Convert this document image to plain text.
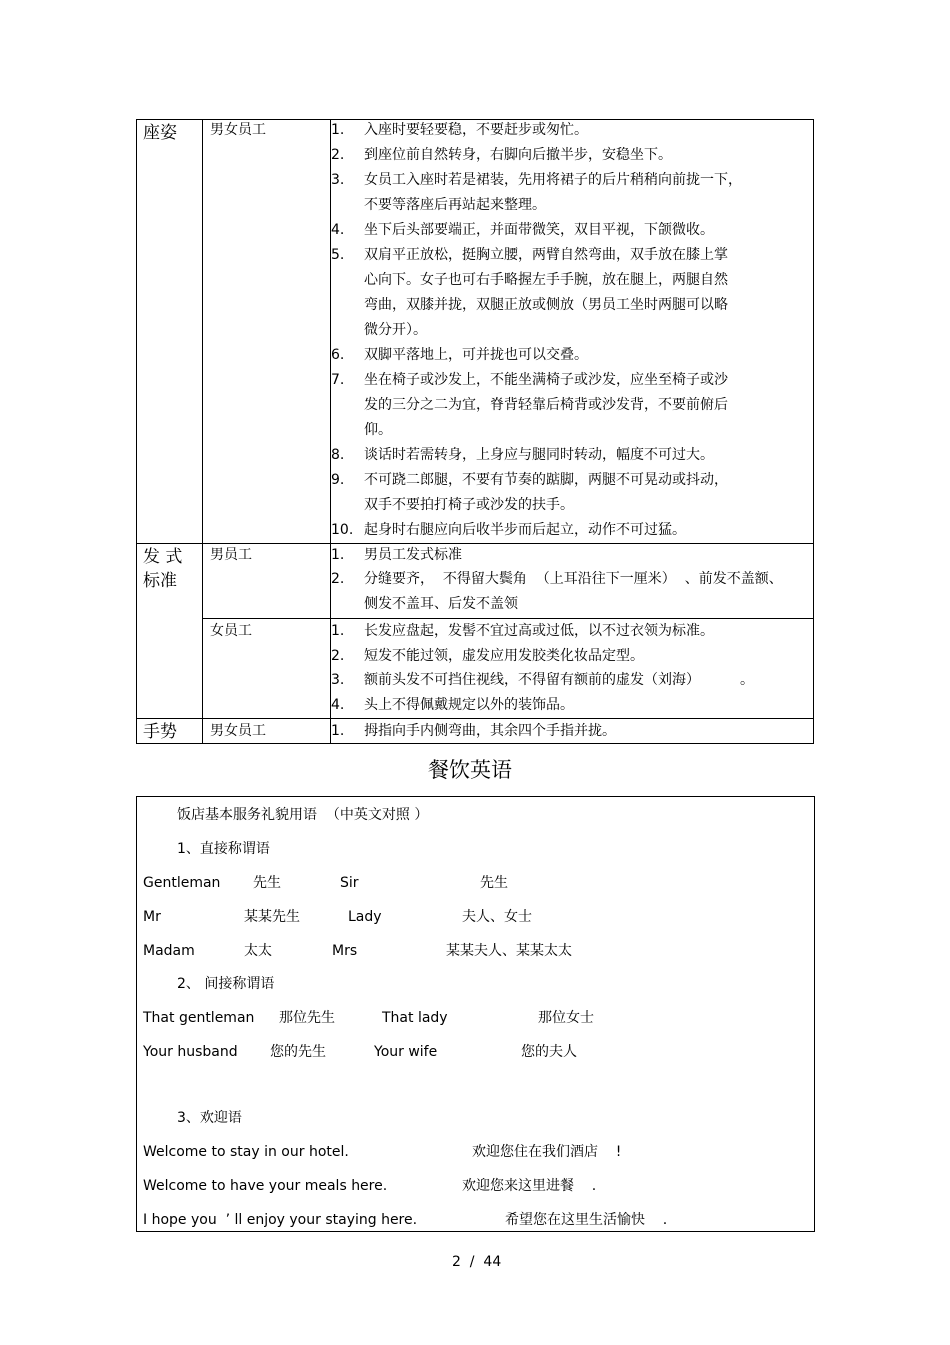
座姿 男女员工	1. 入座时要轻要稳，不要赶步或匆忙。
2. 到座位前自然转身，右脚向后撤半步，安稳坐下。
3. 女员工入座时若是裙装，先用将裙子的后片稍稍向前拢一下，
不要等落座后再站起来整理。
4. 坐下后头部要端正，并面带微笑，双目平视，下颌微收。
5. 双肩平正放松，挺胸立腰，两臂自然弯曲，双手放在膝上掌
心向下。女子也可右手略握左手手腕，放在腿上，两腿自然
弯曲，双膝并拢，双腿正放或侧放（男员工坐时两腿可以略
微分开）。
6. 双脚平落地上，可并拢也可以交叠。
7. 坐在椅子或沙发上，不能坐满椅子或沙发，应坐至椅子或沙
发的三分之二为宜，脊背轻靠后椅背或沙发背，不要前俯后
仰。
8. 谈话时若需转身，上身应与腿同时转动，幅度不可过大。
9. 不可跷二郎腿，不要有节奏的踮脚，两腿不可晃动或抖动，
双手不要拍打椅子或沙发的扶手。
10. 起身时右腿应向后收半步而后起立，动作不可过猛。
发 式
标准
男员工	1. 男员工发式标准
2. 分缝要齐，  不得留大鬓角  （上耳沿往下一厘米）  、前发不盖额、
侧发不盖耳、后发不盖领
女员工	1. 长发应盘起，发髻不宜过高或过低，以不过衣领为标准。
2. 短发不能过领，虚发应用发胶类化妆品定型。
3. 额前头发不可挡住视线，不得留有额前的虚发（刘海）         。
4. 头上不得佩戴规定以外的装饰品。
手势 男女员工	1. 拇指向手内侧弯曲，其余四个手指并拢。
餐饮英语
饭店基本服务礼貌用语  （中英文对照 ）
1、直接称谓语
Gentleman 先生	Sir	先生
Mr	某某先生	Lady	夫人、女士
Madam	太太	Mrs	某某夫人、某某太太
2、 间接称谓语
That gentleman 那位先生	That lady	那位女士
Your husband 您的先生	Your wife	您的夫人
3、欢迎语
Welcome to stay in our hotel.	欢迎您住在我们酒店    !
Welcome to have your meals here.	欢迎您来这里进餐    .
I hope you  ’ ll enjoy your staying here.	希望您在这里生活愉快    .
2  /  44
